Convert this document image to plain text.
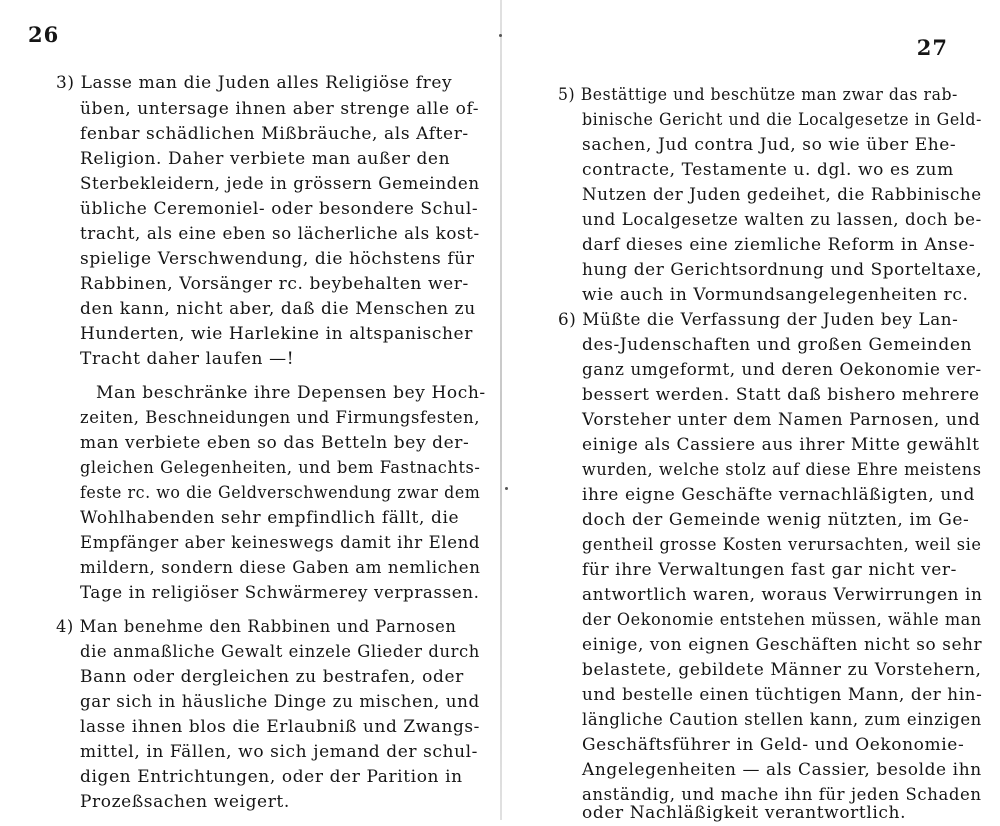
26
3) Lasse man die Juden alles Religiöse frey
üben, untersage ihnen aber strenge alle of-
fenbar schädlichen Mißbräuche, als After-
Religion. Daher verbiete man außer den
Sterbekleidern, jede in grössern Gemeinden
übliche Ceremoniel- oder besondere Schul-
tracht, als eine eben so lächerliche als kost-
spielige Verschwendung, die höchstens für
Rabbinen, Vorsänger rc. beybehalten wer-
den kann, nicht aber, daß die Menschen zu
Hunderten, wie Harlekine in altspanischer
Tracht daher laufen —!
Man beschränke ihre Depensen bey Hoch-
zeiten, Beschneidungen und Firmungsfesten,
man verbiete eben so das Betteln bey der-
gleichen Gelegenheiten, und bem Fastnachts-
feste rc. wo die Geldverschwendung zwar dem
Wohlhabenden sehr empfindlich fällt, die
Empfänger aber keineswegs damit ihr Elend
mildern, sondern diese Gaben am nemlichen
Tage in religiöser Schwärmerey verprassen.
4) Man benehme den Rabbinen und Parnosen
die anmaßliche Gewalt einzele Glieder durch
Bann oder dergleichen zu bestrafen, oder
gar sich in häusliche Dinge zu mischen, und
lasse ihnen blos die Erlaubniß und Zwangs-
mittel, in Fällen, wo sich jemand der schul-
digen Entrichtungen, oder der Parition in
Prozeßsachen weigert.
27
5) Bestättige und beschütze man zwar das rab-
binische Gericht und die Localgesetze in Geld-
sachen, Jud contra Jud, so wie über Ehe-
contracte, Testamente u. dgl. wo es zum
Nutzen der Juden gedeihet, die Rabbinische
und Localgesetze walten zu lassen, doch be-
darf dieses eine ziemliche Reform in Anse-
hung der Gerichtsordnung und Sporteltaxe,
wie auch in Vormundsangelegenheiten rc.
6) Müßte die Verfassung der Juden bey Lan-
des-Judenschaften und großen Gemeinden
ganz umgeformt, und deren Oekonomie ver-
bessert werden. Statt daß bishero mehrere
Vorsteher unter dem Namen Parnosen, und
einige als Cassiere aus ihrer Mitte gewählt
wurden, welche stolz auf diese Ehre meistens
ihre eigne Geschäfte vernachläßigten, und
doch der Gemeinde wenig nützten, im Ge-
gentheil grosse Kosten verursachten, weil sie
für ihre Verwaltungen fast gar nicht ver-
antwortlich waren, woraus Verwirrungen in
der Oekonomie entstehen müssen, wähle man
einige, von eignen Geschäften nicht so sehr
belastete, gebildete Männer zu Vorstehern,
und bestelle einen tüchtigen Mann, der hin-
längliche Caution stellen kann, zum einzigen
Geschäftsführer in Geld- und Oekonomie-
Angelegenheiten — als Cassier, besolde ihn
anständig, und mache ihn für jeden Schaden
oder Nachläßigkeit verantwortlich.
